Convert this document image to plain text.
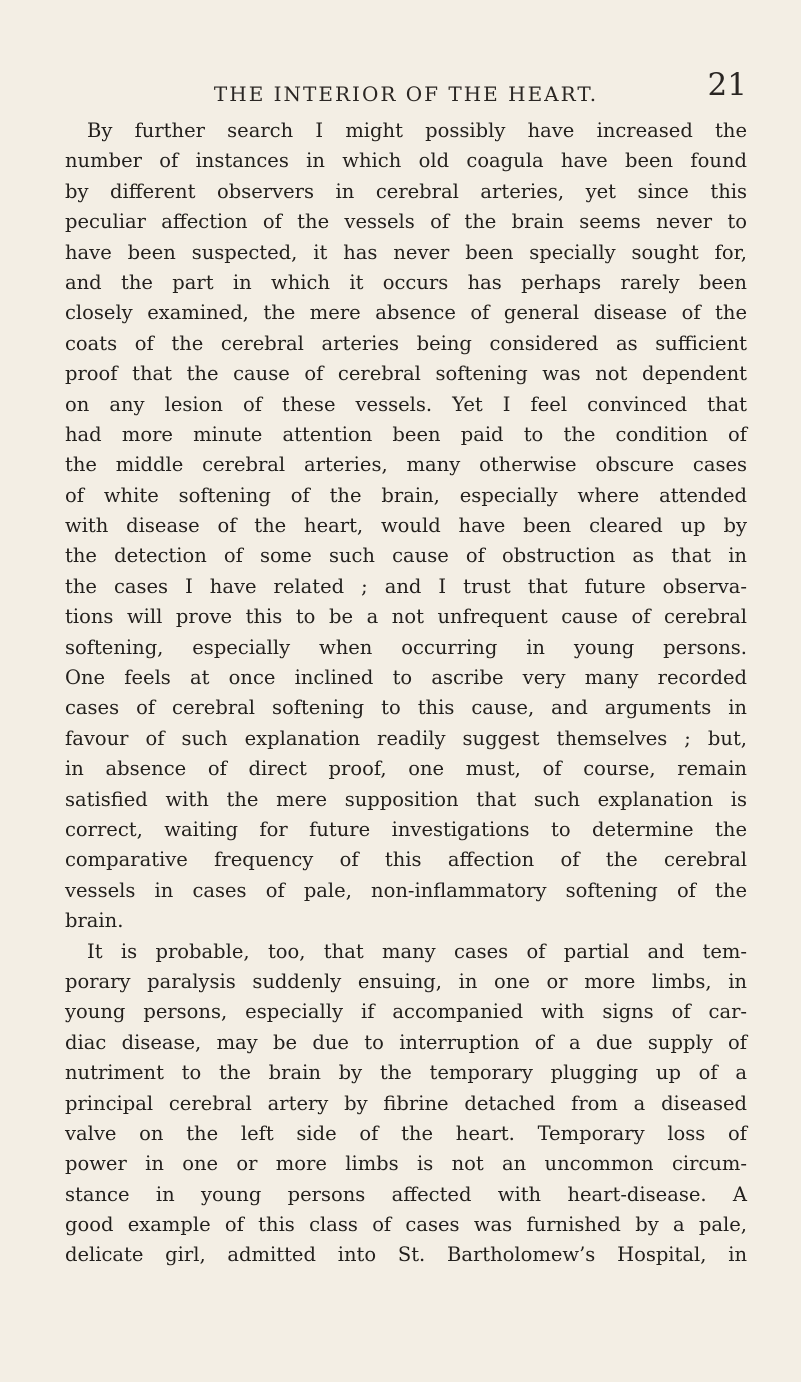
THE INTERIOR OF THE HEART.	21
By further search I might possibly have increased the
number of instances in which old coagula have been found
by different observers in cerebral arteries, yet since this
peculiar affection of the vessels of the brain seems never to
have been suspected, it has never been specially sought for,
and the part in which it occurs has perhaps rarely been
closely examined, the mere absence of general disease of the
coats of the cerebral arteries being considered as sufficient
proof that the cause of cerebral softening was not dependent
on any lesion of these vessels. Yet I feel convinced that
had more minute attention been paid to the condition of
the middle cerebral arteries, many otherwise obscure cases
of white softening of the brain, especially where attended
with disease of the heart, would have been cleared up by
the detection of some such cause of obstruction as that in
the cases I have related ; and I trust that future observa-
tions will prove this to be a not unfrequent cause of cerebral
softening, especially when occurring in young persons.
One feels at once inclined to ascribe very many recorded
cases of cerebral softening to this cause, and arguments in
favour of such explanation readily suggest themselves ; but,
in absence of direct proof, one must, of course, remain
satisfied with the mere supposition that such explanation is
correct, waiting for future investigations to determine the
comparative frequency of this affection of the cerebral
vessels in cases of pale, non-inflammatory softening of the
brain.
It is probable, too, that many cases of partial and tem-
porary paralysis suddenly ensuing, in one or more limbs, in
young persons, especially if accompanied with signs of car-
diac disease, may be due to interruption of a due supply of
nutriment to the brain by the temporary plugging up of a
principal cerebral artery by fibrine detached from a diseased
valve on the left side of the heart. Temporary loss of
power in one or more limbs is not an uncommon circum-
stance in young persons affected with heart-disease. A
good example of this class of cases was furnished by a pale,
delicate girl, admitted into St. Bartholomew’s Hospital, in
